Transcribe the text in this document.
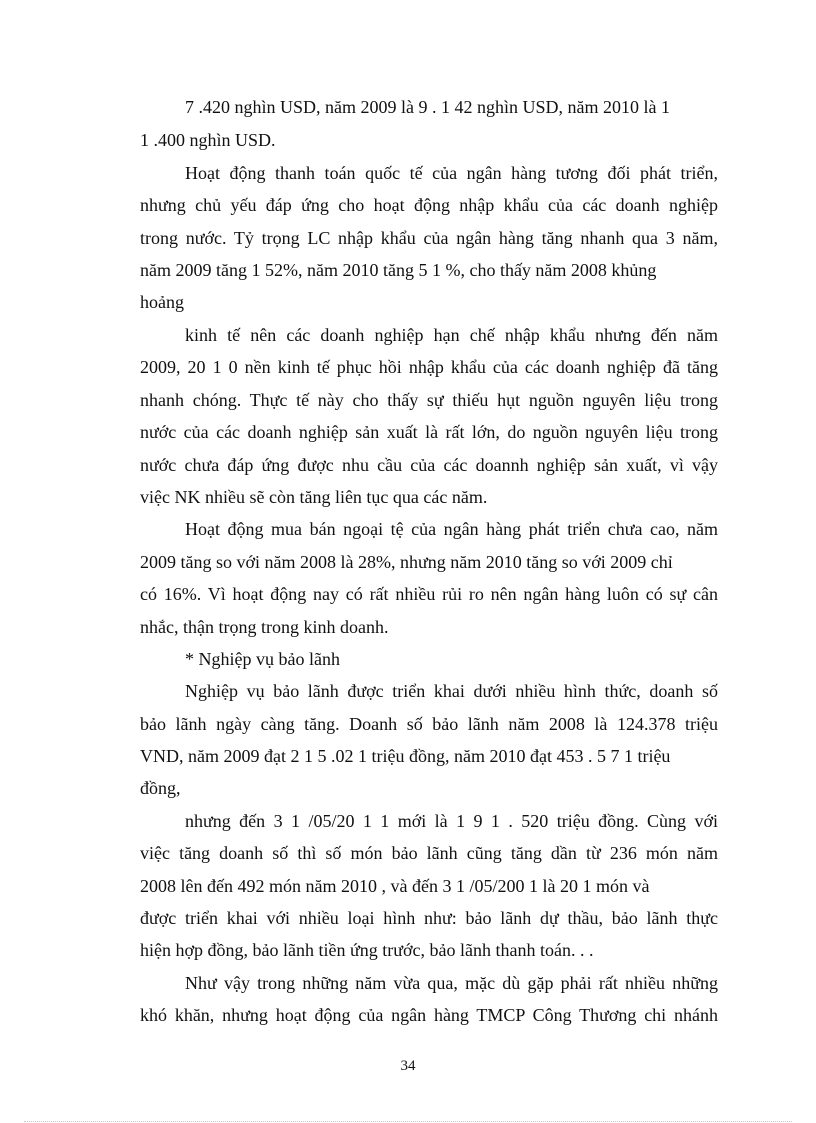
7 .420 nghìn USD, năm 2009 là 9 . 1 42 nghìn USD, năm 2010 là 1
1 .400 nghìn USD.
Hoạt động thanh toán quốc tế của ngân hàng tương đối phát triển,
nhưng chủ yếu đáp ứng cho hoạt động nhập khẩu của các doanh nghiệp
trong nước. Tỷ trọng LC nhập khẩu của ngân hàng tăng nhanh qua 3 năm,
năm 2009 tăng 1 52%, năm 2010 tăng 5 1 %, cho thấy năm 2008 khủng
hoảng
kinh tế nên các doanh nghiệp hạn chế nhập khẩu nhưng đến năm
2009, 20 1 0 nền kinh tế phục hồi nhập khẩu của các doanh nghiệp đã tăng
nhanh chóng. Thực tế này cho thấy sự thiếu hụt nguồn nguyên liệu trong
nước của các doanh nghiệp sản xuất là rất lớn, do nguồn nguyên liệu trong
nước chưa đáp ứng được nhu cầu của các doannh nghiệp sản xuất, vì vậy
việc NK nhiều sẽ còn tăng liên tục qua các năm.
Hoạt động mua bán ngoại tệ của ngân hàng phát triển chưa cao, năm
2009 tăng so với năm 2008 là 28%, nhưng năm 2010 tăng so với 2009 chỉ
có 16%. Vì hoạt động nay có rất nhiều rủi ro nên ngân hàng luôn có sự cân
nhắc, thận trọng trong kinh doanh.
* Nghiệp vụ bảo lãnh
Nghiệp vụ bảo lãnh được triển khai dưới nhiều hình thức, doanh số
bảo lãnh ngày càng tăng. Doanh số bảo lãnh năm 2008 là 124.378 triệu
VND, năm 2009 đạt 2 1 5 .02 1 triệu đồng, năm 2010 đạt 453 . 5 7 1 triệu
đồng,
nhưng đến 3 1 /05/20 1 1 mới là 1 9 1 . 520 triệu đồng. Cùng với
việc tăng doanh số thì số món bảo lãnh cũng tăng dần từ 236 món năm
2008 lên đến 492 món năm 2010 , và đến 3 1 /05/200 1 là 20 1 món và
được triển khai với nhiều loại hình như: bảo lãnh dự thầu, bảo lãnh thực
hiện hợp đồng, bảo lãnh tiền ứng trước, bảo lãnh thanh toán. . .
Như vậy trong những năm vừa qua, mặc dù gặp phải rất nhiều những
khó khăn, nhưng hoạt động của ngân hàng TMCP Công Thương chi nhánh
34
